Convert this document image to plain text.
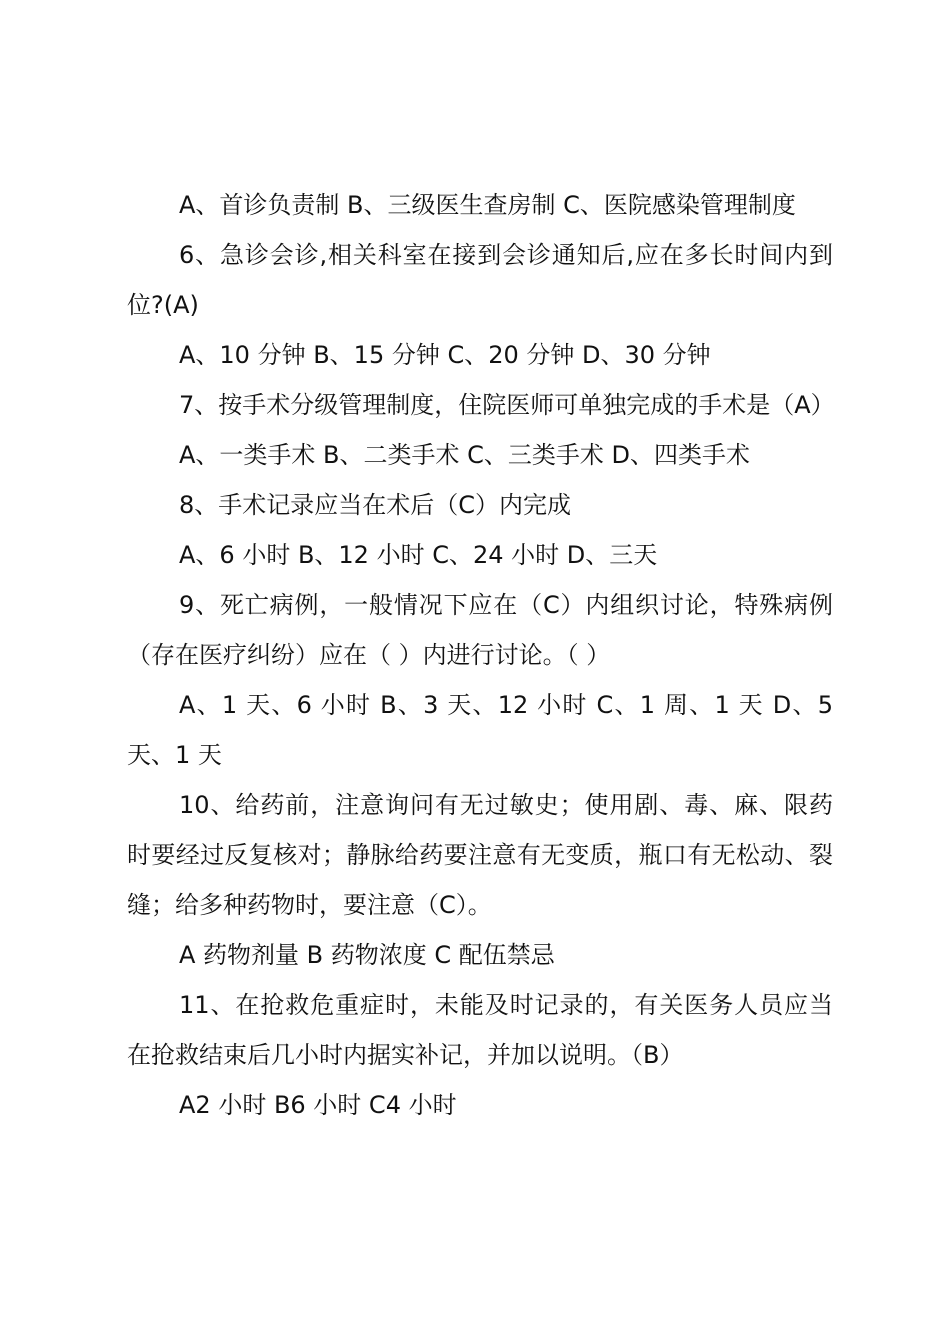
A、首诊负责制 B、三级医生查房制 C、医院感染管理制度

6、急诊会诊,相关科室在接到会诊通知后,应在多长时间内到位?(A)

A、10 分钟 B、15 分钟 C、20 分钟 D、30 分钟

7、按手术分级管理制度，住院医师可单独完成的手术是（A）

A、一类手术 B、二类手术 C、三类手术 D、四类手术

8、手术记录应当在术后（C）内完成

A、6 小时 B、12 小时 C、24 小时 D、三天

9、死亡病例，一般情况下应在（C）内组织讨论，特殊病例（存在医疗纠纷）应在（ ）内进行讨论。（ ）

A、1 天、6 小时 B、3 天、12 小时 C、1 周、1 天 D、5 天、1 天

10、给药前，注意询问有无过敏史；使用剧、毒、麻、限药时要经过反复核对；静脉给药要注意有无变质，瓶口有无松动、裂缝；给多种药物时，要注意（C）。

A 药物剂量 B 药物浓度 C 配伍禁忌

11、在抢救危重症时，未能及时记录的，有关医务人员应当在抢救结束后几小时内据实补记，并加以说明。（B）

A2 小时 B6 小时 C4 小时
